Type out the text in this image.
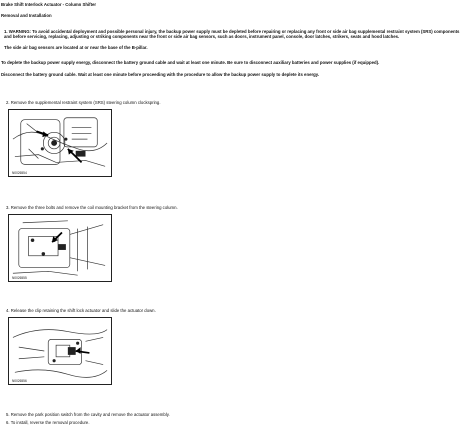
Brake Shift Interlock Actuator - Column Shifter

Removal and Installation

1. WARNING: To avoid accidental deployment and possible personal injury, the backup power supply must be depleted before repairing or replacing any front or side air bag supplemental restraint system (SRS) components and before servicing, replacing, adjusting or striking components near the front or side air bag sensors, such as doors, instrument panel, console, door latches, strikers, seats and hood latches.

The side air bag sensors are located at or near the base of the B-pillar.

To deplete the backup power supply energy, disconnect the battery ground cable and wait at least one minute. Be sure to disconnect auxiliary batteries and power supplies (if equipped).

Disconnect the battery ground cable. Wait at least one minute before proceeding with the procedure to allow the backup power supply to deplete its energy.

2. Remove the supplemental restraint system (SRS) steering column clockspring.

N0026554

3. Remove the three bolts and remove the coil mounting bracket from the steering column.

N0026555

4. Release the clip retaining the shift lock actuator and slide the actuator down.

N0026556

5. Remove the park position switch from the cavity and remove the actuator assembly.

6. To install, reverse the removal procedure.
